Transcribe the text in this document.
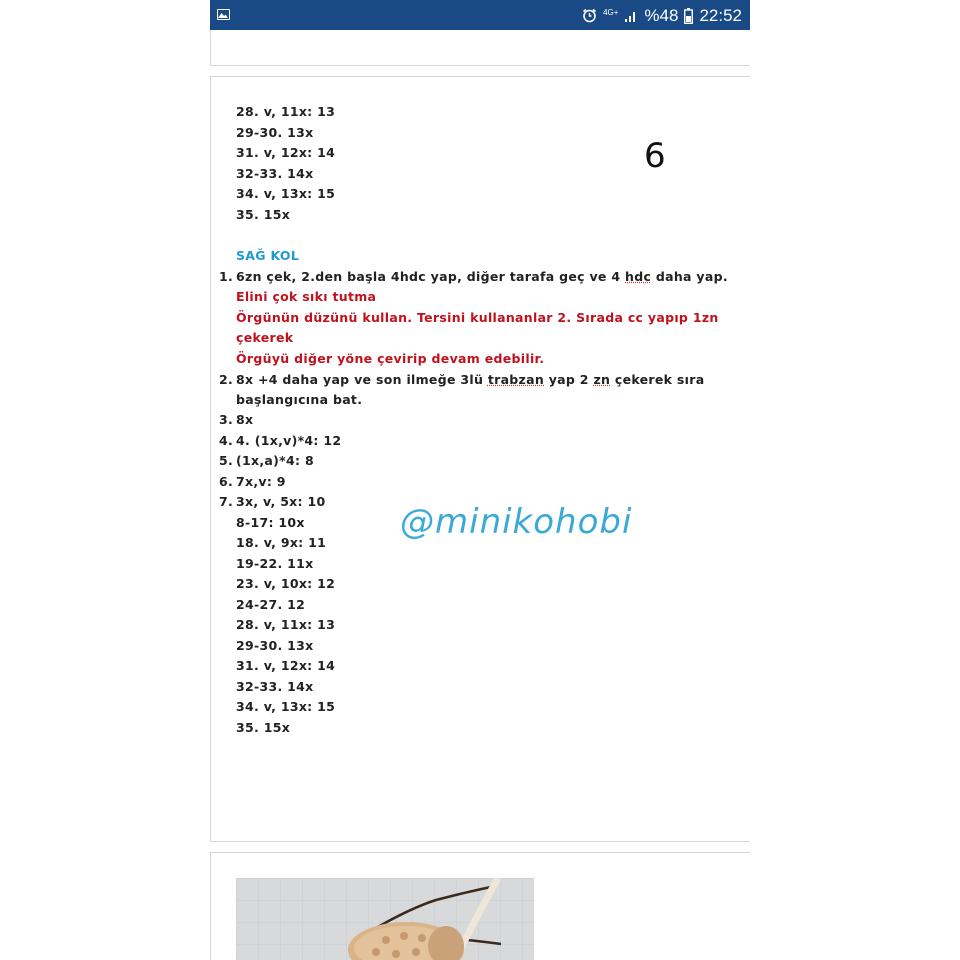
4G+ %48 22:52
28. v, 11x: 13
29-30. 13x
31. v, 12x: 14
32-33. 14x
34. v, 13x: 15
35. 15x
6
SAĞ KOL
1. 6zn çek, 2.den başla 4hdc yap, diğer tarafa geç ve 4 hdc daha yap.
Elini çok sıkı tutma
Örgünün düzünü kullan. Tersini kullananlar 2. Sırada cc yapıp 1zn
çekerek
Örgüyü diğer yöne çevirip devam edebilir.
2. 8x +4 daha yap ve son ilmeğe 3lü trabzan yap 2 zn çekerek sıra
başlangıcına bat.
3. 8x
4. 4. (1x,v)*4: 12
5. (1x,a)*4: 8
6. 7x,v: 9
7. 3x, v, 5x: 10
8-17: 10x
18. v, 9x: 11
19-22. 11x
23. v, 10x: 12
24-27. 12
28. v, 11x: 13
29-30. 13x
31. v, 12x: 14
32-33. 14x
34. v, 13x: 15
35. 15x
@minikohobi
